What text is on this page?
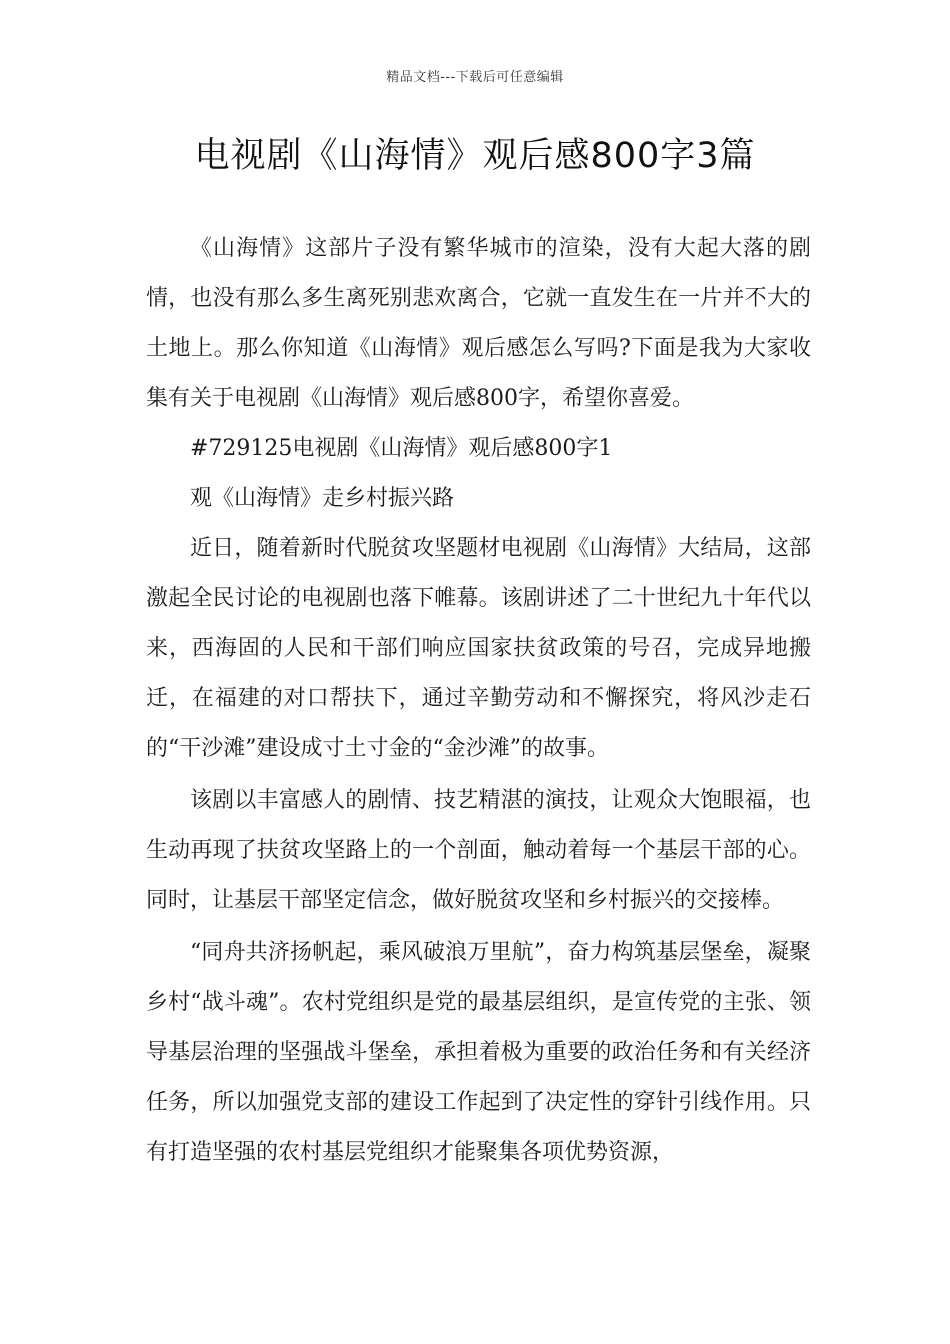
精品文档---下载后可任意编辑
电视剧《山海情》观后感800字3篇

《山海情》这部片子没有繁华城市的渲染，没有大起大落的剧情，也没有那么多生离死别悲欢离合，它就一直发生在一片并不大的土地上。那么你知道《山海情》观后感怎么写吗?下面是我为大家收集有关于电视剧《山海情》观后感800字，希望你喜爱。

#729125电视剧《山海情》观后感800字1

观《山海情》走乡村振兴路

近日，随着新时代脱贫攻坚题材电视剧《山海情》大结局，这部激起全民讨论的电视剧也落下帷幕。该剧讲述了二十世纪九十年代以来，西海固的人民和干部们响应国家扶贫政策的号召，完成异地搬迁，在福建的对口帮扶下，通过辛勤劳动和不懈探究，将风沙走石的“干沙滩”建设成寸土寸金的“金沙滩”的故事。

该剧以丰富感人的剧情、技艺精湛的演技，让观众大饱眼福，也生动再现了扶贫攻坚路上的一个剖面，触动着每一个基层干部的心。同时，让基层干部坚定信念，做好脱贫攻坚和乡村振兴的交接棒。

“同舟共济扬帆起，乘风破浪万里航”，奋力构筑基层堡垒，凝聚乡村“战斗魂”。农村党组织是党的最基层组织，是宣传党的主张、领导基层治理的坚强战斗堡垒，承担着极为重要的政治任务和有关经济任务，所以加强党支部的建设工作起到了决定性的穿针引线作用。只有打造坚强的农村基层党组织才能聚集各项优势资源，
